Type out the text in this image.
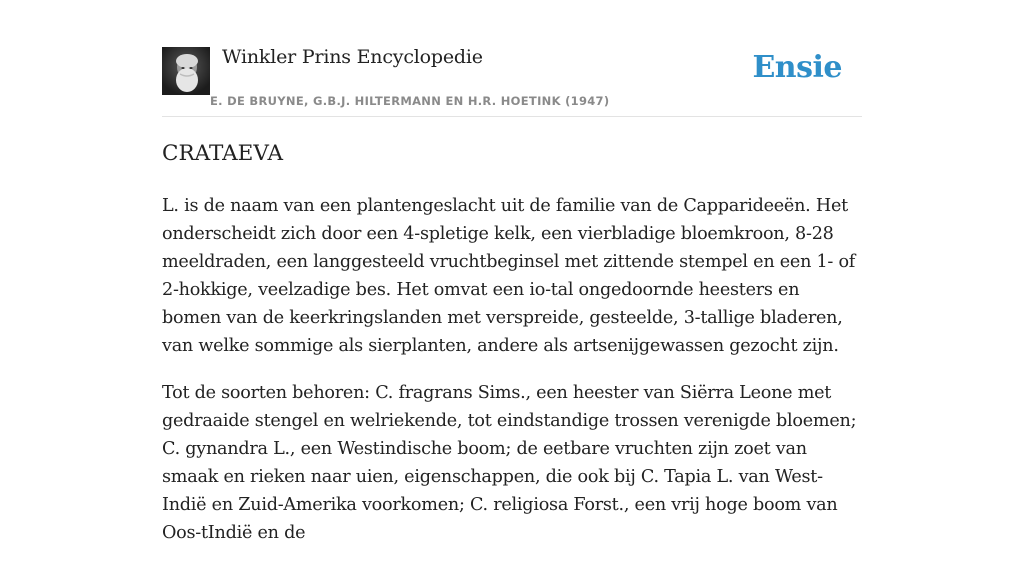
Winkler Prins Encyclopedie
E. DE BRUYNE, G.B.J. HILTERMANN EN H.R. HOETINK (1947)
Ensie
CRATAEVA

L. is de naam van een plantengeslacht uit de familie van de Capparideeën. Het onderscheidt zich door een 4-spletige kelk, een vierbladige bloemkroon, 8-28 meeldraden, een langgesteeld vruchtbeginsel met zittende stempel en een 1- of 2-hokkige, veelzadige bes. Het omvat een io-tal ongedoornde heesters en bomen van de keerkringslanden met verspreide, gesteelde, 3-tallige bladeren, van welke sommige als sierplanten, andere als artsenijgewassen gezocht zijn.

Tot de soorten behoren: C. fragrans Sims., een heester van Siërra Leone met gedraaide stengel en welriekende, tot eindstandige trossen verenigde bloemen; C. gynandra L., een Westindische boom; de eetbare vruchten zijn zoet van smaak en rieken naar uien, eigenschappen, die ook bij C. Tapia L. van West-Indië en Zuid-Amerika voorkomen; C. religiosa Forst., een vrij hoge boom van Oos-tIndië en de
